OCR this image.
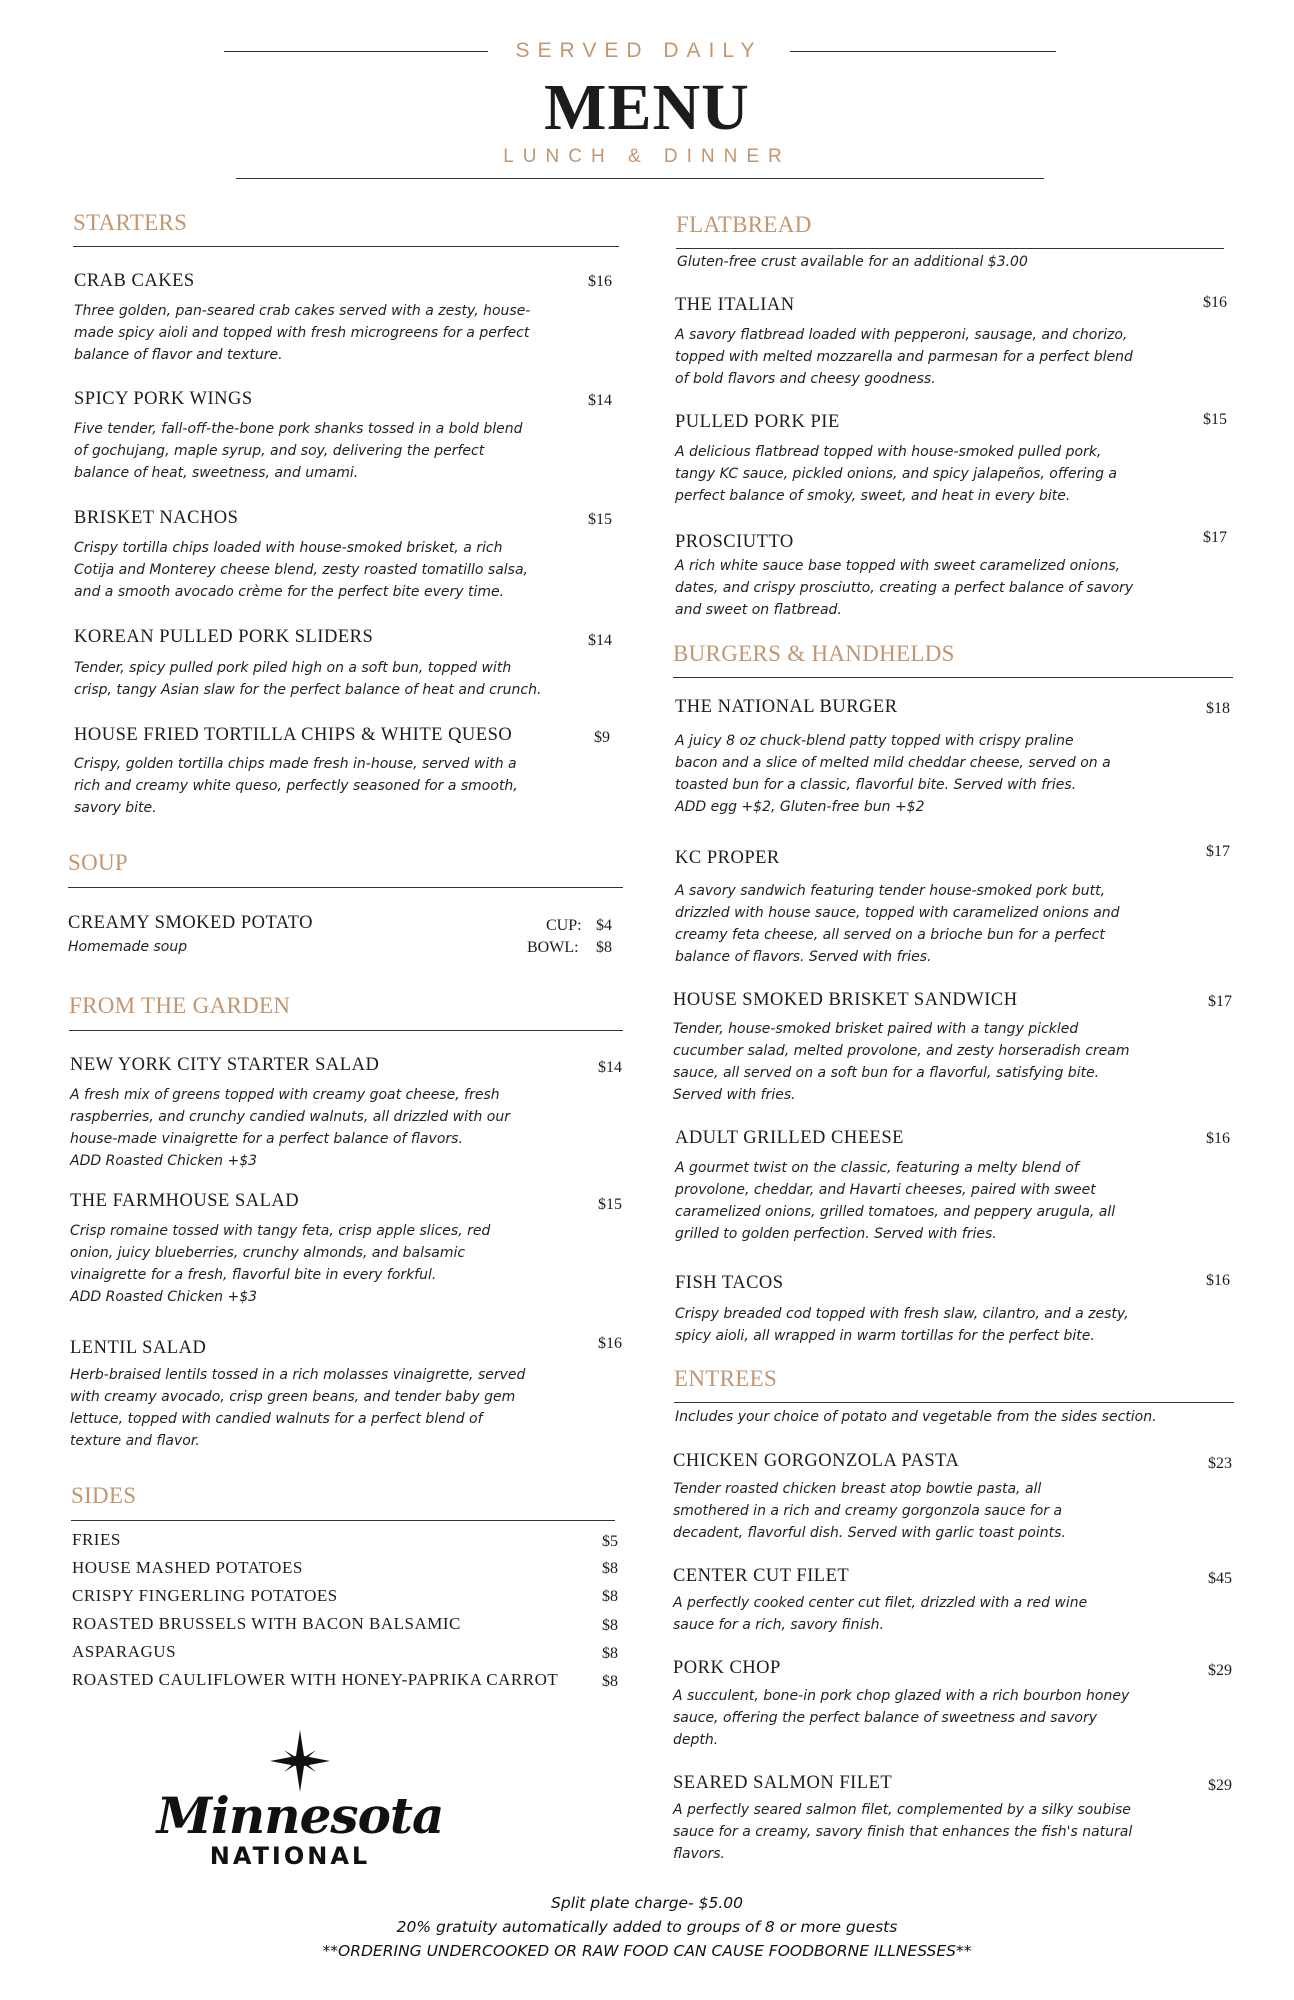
SERVED DAILY
MENU
LUNCH & DINNER
STARTERS
CRAB CAKES	$16
Three golden, pan-seared crab cakes served with a zesty, house-
made spicy aioli and topped with fresh microgreens for a perfect
balance of flavor and texture.
SPICY PORK WINGS	$14
Five tender, fall-off-the-bone pork shanks tossed in a bold blend
of gochujang, maple syrup, and soy, delivering the perfect
balance of heat, sweetness, and umami.
BRISKET NACHOS	$15
Crispy tortilla chips loaded with house-smoked brisket, a rich
Cotija and Monterey cheese blend, zesty roasted tomatillo salsa,
and a smooth avocado crème for the perfect bite every time.
KOREAN PULLED PORK SLIDERS	$14
Tender, spicy pulled pork piled high on a soft bun, topped with
crisp, tangy Asian slaw for the perfect balance of heat and crunch.
HOUSE FRIED TORTILLA CHIPS & WHITE QUESO	$9
Crispy, golden tortilla chips made fresh in-house, served with a
rich and creamy white queso, perfectly seasoned for a smooth,
savory bite.
SOUP
CREAMY SMOKED POTATO
Homemade soup
CUP: $4
BOWL: $8
FROM THE GARDEN
NEW YORK CITY STARTER SALAD	$14
A fresh mix of greens topped with creamy goat cheese, fresh
raspberries, and crunchy candied walnuts, all drizzled with our
house-made vinaigrette for a perfect balance of flavors.
ADD Roasted Chicken +$3
THE FARMHOUSE SALAD	$15
Crisp romaine tossed with tangy feta, crisp apple slices, red
onion, juicy blueberries, crunchy almonds, and balsamic
vinaigrette for a fresh, flavorful bite in every forkful.
ADD Roasted Chicken +$3
LENTIL SALAD	$16
Herb-braised lentils tossed in a rich molasses vinaigrette, served
with creamy avocado, crisp green beans, and tender baby gem
lettuce, topped with candied walnuts for a perfect blend of
texture and flavor.
SIDES
FRIES	$5
HOUSE MASHED POTATOES	$8
CRISPY FINGERLING POTATOES	$8
ROASTED BRUSSELS WITH BACON BALSAMIC	$8
ASPARAGUS	$8
ROASTED CAULIFLOWER WITH HONEY-PAPRIKA CARROT	$8
Minnesota
NATIONAL
FLATBREAD
Gluten-free crust available for an additional $3.00
THE ITALIAN	$16
A savory flatbread loaded with pepperoni, sausage, and chorizo,
topped with melted mozzarella and parmesan for a perfect blend
of bold flavors and cheesy goodness.
PULLED PORK PIE	$15
A delicious flatbread topped with house-smoked pulled pork,
tangy KC sauce, pickled onions, and spicy jalapeños, offering a
perfect balance of smoky, sweet, and heat in every bite.
PROSCIUTTO	$17
A rich white sauce base topped with sweet caramelized onions,
dates, and crispy prosciutto, creating a perfect balance of savory
and sweet on flatbread.
BURGERS & HANDHELDS
THE NATIONAL BURGER	$18
A juicy 8 oz chuck-blend patty topped with crispy praline
bacon and a slice of melted mild cheddar cheese, served on a
toasted bun for a classic, flavorful bite. Served with fries.
ADD egg +$2, Gluten-free bun +$2
KC PROPER	$17
A savory sandwich featuring tender house-smoked pork butt,
drizzled with house sauce, topped with caramelized onions and
creamy feta cheese, all served on a brioche bun for a perfect
balance of flavors. Served with fries.
HOUSE SMOKED BRISKET SANDWICH	$17
Tender, house-smoked brisket paired with a tangy pickled
cucumber salad, melted provolone, and zesty horseradish cream
sauce, all served on a soft bun for a flavorful, satisfying bite.
Served with fries.
ADULT GRILLED CHEESE	$16
A gourmet twist on the classic, featuring a melty blend of
provolone, cheddar, and Havarti cheeses, paired with sweet
caramelized onions, grilled tomatoes, and peppery arugula, all
grilled to golden perfection. Served with fries.
FISH TACOS	$16
Crispy breaded cod topped with fresh slaw, cilantro, and a zesty,
spicy aioli, all wrapped in warm tortillas for the perfect bite.
ENTREES
Includes your choice of potato and vegetable from the sides section.
CHICKEN GORGONZOLA PASTA	$23
Tender roasted chicken breast atop bowtie pasta, all
smothered in a rich and creamy gorgonzola sauce for a
decadent, flavorful dish. Served with garlic toast points.
CENTER CUT FILET	$45
A perfectly cooked center cut filet, drizzled with a red wine
sauce for a rich, savory finish.
PORK CHOP	$29
A succulent, bone-in pork chop glazed with a rich bourbon honey
sauce, offering the perfect balance of sweetness and savory
depth.
SEARED SALMON FILET	$29
A perfectly seared salmon filet, complemented by a silky soubise
sauce for a creamy, savory finish that enhances the fish's natural
flavors.
Split plate charge- $5.00
20% gratuity automatically added to groups of 8 or more guests
**ORDERING UNDERCOOKED OR RAW FOOD CAN CAUSE FOODBORNE ILLNESSES**
